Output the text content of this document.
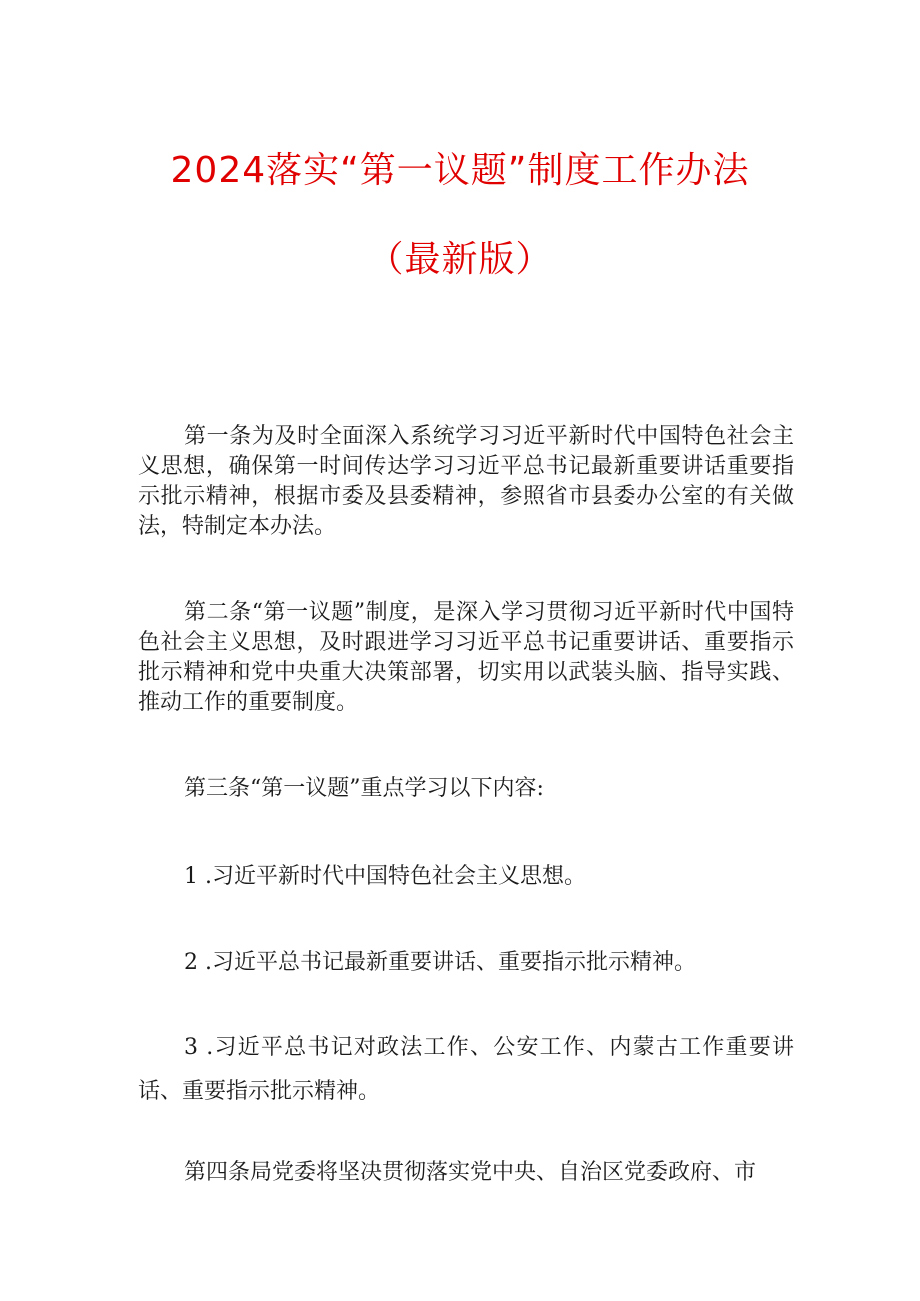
2024落实“第一议题”制度工作办法
（最新版）

第一条为及时全面深入系统学习习近平新时代中国特色社会主义思想，确保第一时间传达学习习近平总书记最新重要讲话重要指示批示精神，根据市委及县委精神，参照省市县委办公室的有关做法，特制定本办法。

第二条“第一议题”制度，是深入学习贯彻习近平新时代中国特色社会主义思想，及时跟进学习习近平总书记重要讲话、重要指示批示精神和党中央重大决策部署，切实用以武装头脑、指导实践、推动工作的重要制度。

第三条“第一议题”重点学习以下内容:

1 .习近平新时代中国特色社会主义思想。

2 .习近平总书记最新重要讲话、重要指示批示精神。

3 .习近平总书记对政法工作、公安工作、内蒙古工作重要讲话、重要指示批示精神。

第四条局党委将坚决贯彻落实党中央、自治区党委政府、市
